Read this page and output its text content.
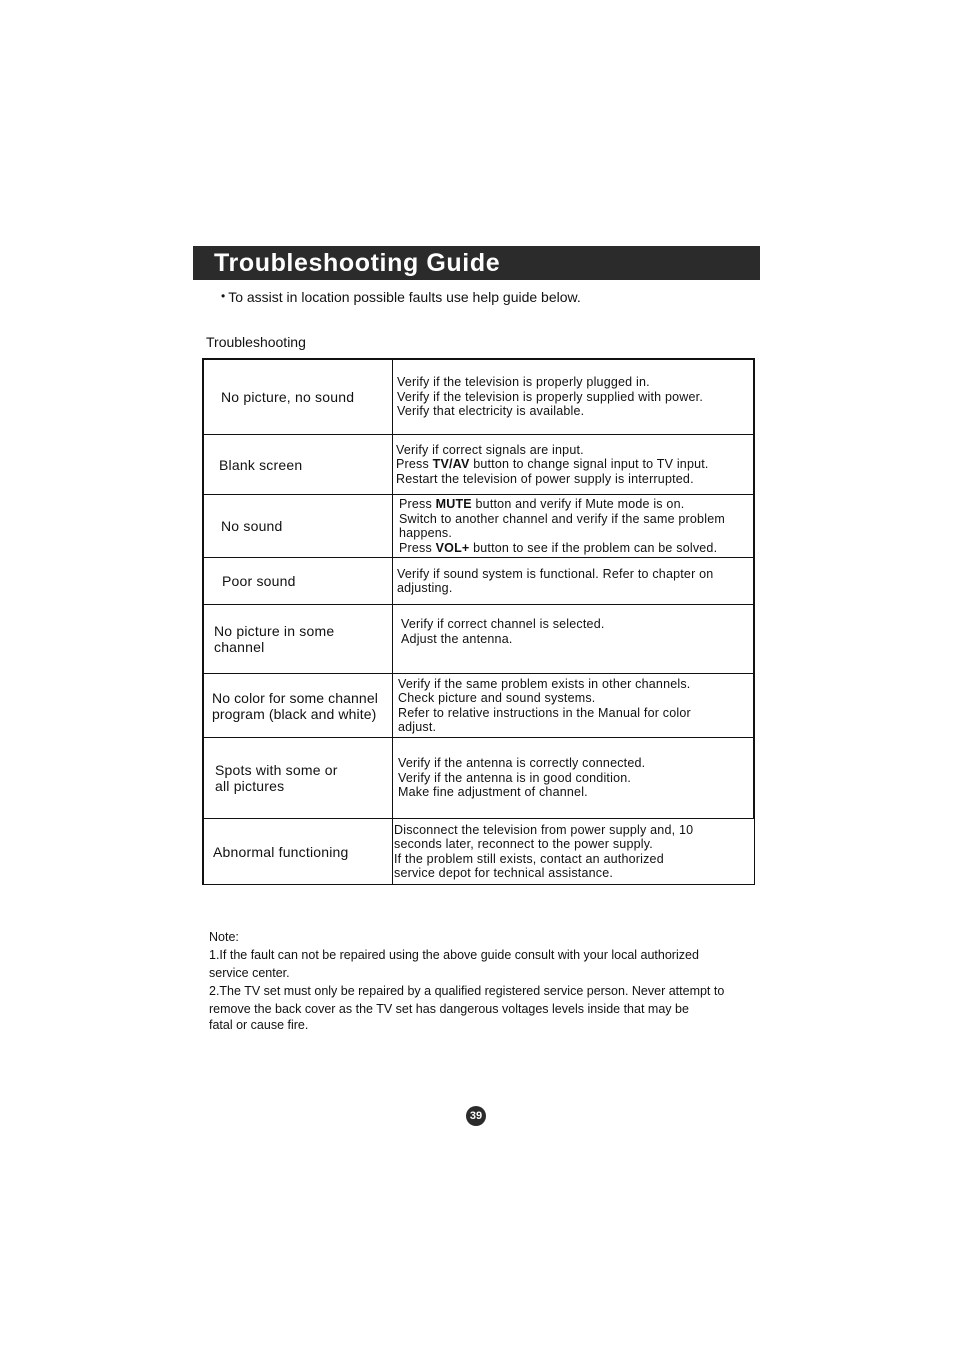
Troubleshooting Guide
• To assist in location possible faults use help guide below.
Troubleshooting
No picture, no sound
Verify if the television is properly plugged in.
Verify if the television is properly supplied with power.
Verify that electricity is available.
Blank screen
Verify if correct signals are input.
Press TV/AV button to change signal input to TV input.
Restart the television of power supply is interrupted.
No sound
Press MUTE button and verify if Mute mode is on.
Switch to another channel and verify if the same problem
happens.
Press VOL+ button to see if the problem can be solved.
Poor sound	Verify if sound system is functional. Refer to chapter on
adjusting.
No picture in some
channel
Verify if correct channel is selected.
Adjust the antenna.
No color for some channel
program (black and white)
Verify if the same problem exists in other channels.
Check picture and sound systems.
Refer to relative instructions in the Manual for color
adjust.
Spots with some or
all pictures
Verify if the antenna is correctly connected.
Verify if the antenna is in good condition.
Make fine adjustment of channel.
Abnormal functioning
Disconnect the television from power supply and, 10
seconds later, reconnect to the power supply.
If the problem still exists, contact an authorized
service depot for technical assistance.

Note:

1.If the fault can not be repaired using the above guide consult with your local authorized

service center.

2.The TV set must only be repaired by a qualified registered service person. Never attempt to

remove the back cover as the TV set has dangerous voltages levels inside that may be

fatal or cause fire.

39
